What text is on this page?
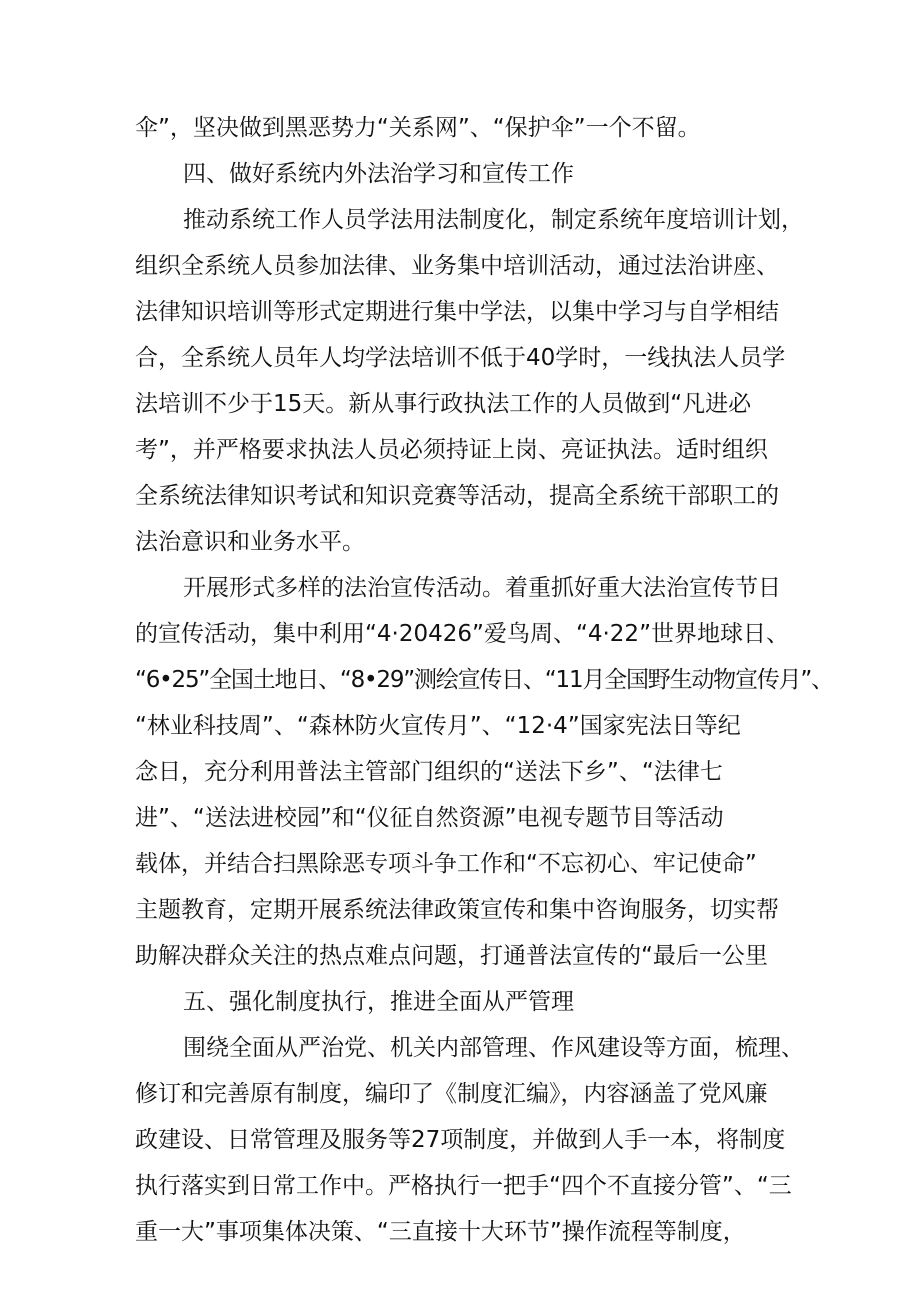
伞”，坚决做到黑恶势力“关系网”、“保护伞”一个不留。
四、做好系统内外法治学习和宣传工作
推动系统工作人员学法用法制度化，制定系统年度培训计划，
组织全系统人员参加法律、业务集中培训活动，通过法治讲座、
法律知识培训等形式定期进行集中学法，以集中学习与自学相结
合，全系统人员年人均学法培训不低于40学时，一线执法人员学
法培训不少于15天。新从事行政执法工作的人员做到“凡进必
考”，并严格要求执法人员必须持证上岗、亮证执法。适时组织
全系统法律知识考试和知识竞赛等活动，提高全系统干部职工的
法治意识和业务水平。
开展形式多样的法治宣传活动。着重抓好重大法治宣传节日
的宣传活动，集中利用“4·20426”爱鸟周、“4·22”世界地球日、
“6•25”全国土地日、“8•29”测绘宣传日、“11月全国野生动物宣传月”、
“林业科技周”、“森林防火宣传月”、“12·4”国家宪法日等纪
念日，充分利用普法主管部门组织的“送法下乡”、“法律七
进”、“送法进校园”和“仪征自然资源”电视专题节目等活动
载体，并结合扫黑除恶专项斗争工作和“不忘初心、牢记使命”
主题教育，定期开展系统法律政策宣传和集中咨询服务，切实帮
助解决群众关注的热点难点问题，打通普法宣传的“最后一公里
五、强化制度执行，推进全面从严管理
围绕全面从严治党、机关内部管理、作风建设等方面，梳理、
修订和完善原有制度，编印了《制度汇编》，内容涵盖了党风廉
政建设、日常管理及服务等27项制度，并做到人手一本，将制度
执行落实到日常工作中。严格执行一把手“四个不直接分管”、“三
重一大”事项集体决策、“三直接十大环节”操作流程等制度，
